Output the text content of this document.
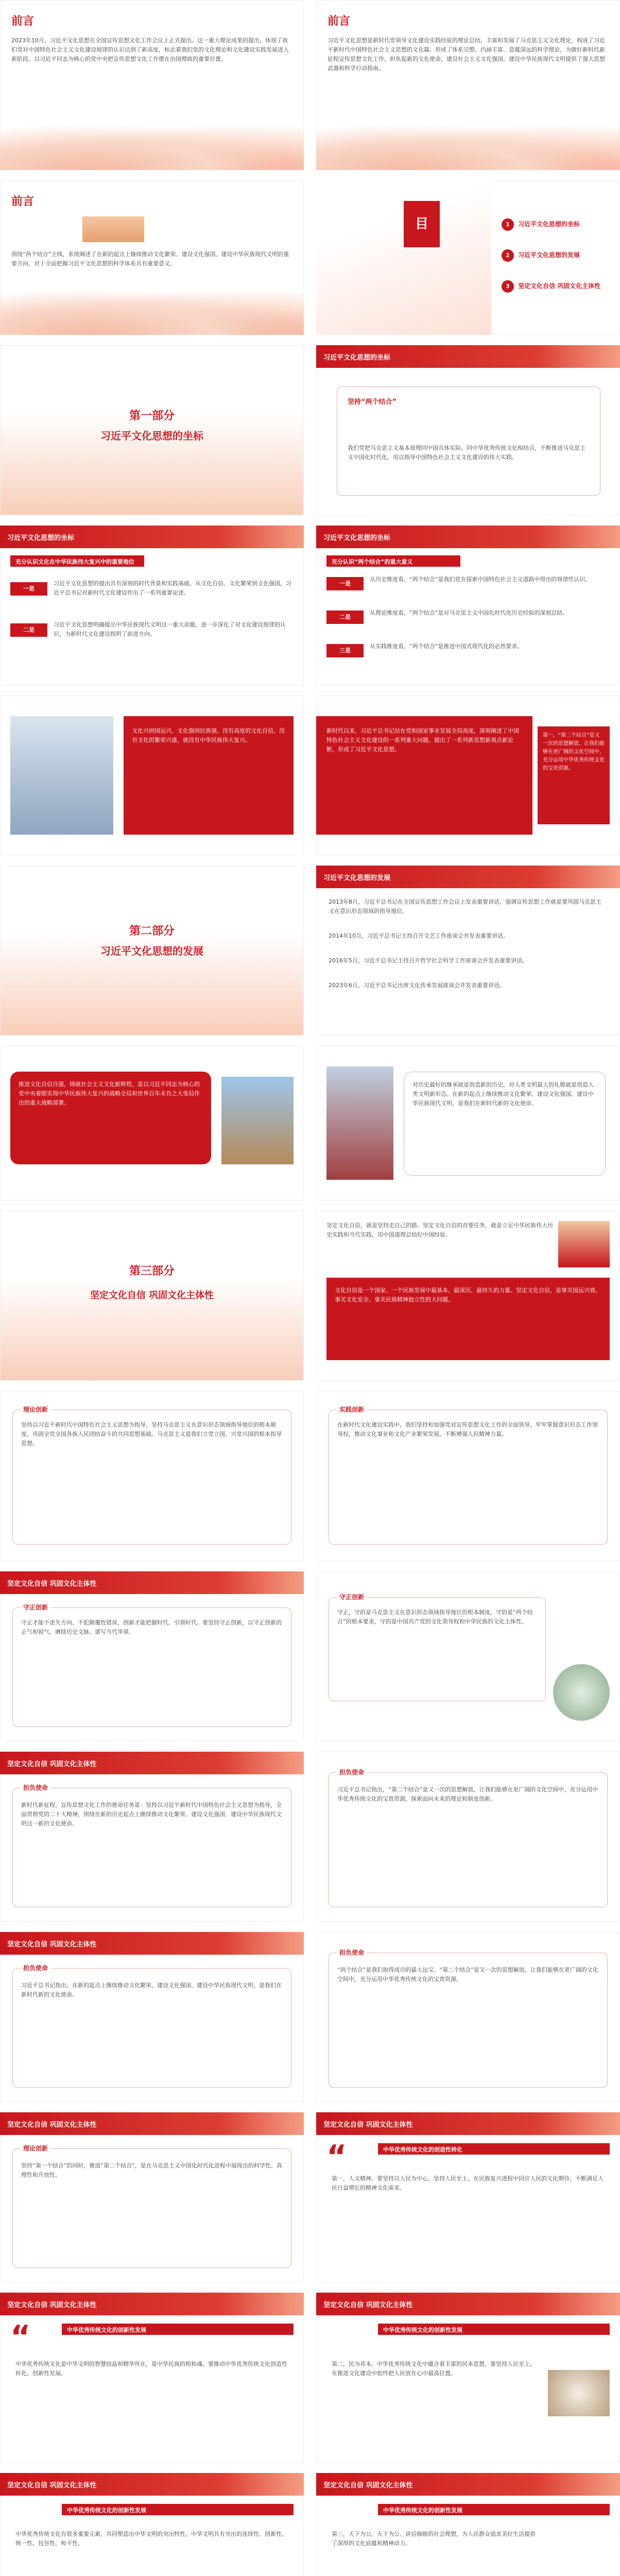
前言
2023年10月，习近平文化思想在全国宣传思想文化工作会议上正式提出。这一重大理论成果的提出，体现了我们党对中国特色社会主义文化建设规律的认识达到了新高度，标志着我们党的文化理论和文化建设实践发展进入新阶段。以习近平同志为核心的党中央把宣传思想文化工作摆在治国理政的重要位置。
前言
习近平文化思想是新时代党领导文化建设实践经验的理论总结，丰富和发展了马克思主义文化理论，构成了习近平新时代中国特色社会主义思想的文化篇，形成了体系完整、内涵丰富、意蕴深远的科学理论，为做好新时代新征程宣传思想文化工作，担负起新的文化使命，建设社会主义文化强国、建设中华民族现代文明提供了强大思想武器和科学行动指南。
前言
围绕“两个结合”主线，系统阐述了在新的起点上继续推动文化繁荣、建设文化强国、建设中华民族现代文明的重要方向，对于全面把握习近平文化思想的科学体系具有重要意义。
目	1 习近平文化思想的坐标
2 习近平文化思想的发展
3 坚定文化自信 巩固文化主体性
第一部分
习近平文化思想的坐标
习近平文化思想的坐标
坚持“两个结合”
我们党把马克思主义基本原理同中国具体实际、同中华优秀传统文化相结合，不断推进马克思主义中国化时代化，用以指导中国特色社会主义文化建设的伟大实践。
习近平文化思想的坐标
充分认识文化在中华民族伟大复兴中的重要地位
一是
习近平文化思想的提出具有深刻的时代背景和实践基础，从文化自信、文化繁荣到文化强国，习近平总书记对新时代文化建设作出了一系列重要论述。
二是
习近平文化思想明确提出中华民族现代文明这一重大命题，进一步深化了对文化建设规律的认识，为新时代文化建设指明了前进方向。
习近平文化思想的坐标
充分认识“两个结合”的重大意义
一是
从历史维度看，“两个结合”是我们党在探索中国特色社会主义道路中得出的规律性认识。
二是
从理论维度看，“两个结合”是对马克思主义中国化时代化历史经验的深刻总结。
三是
从实践维度看，“两个结合”是推进中国式现代化的必然要求。
文化兴则国运兴，文化强则民族强。没有高度的文化自信，没有文化的繁荣兴盛，就没有中华民族伟大复兴。
新时代以来，习近平总书记站在党和国家事业发展全局高度，深刻阐述了中国特色社会主义文化建设的一系列重大问题，提出了一系列新思想新观点新论断，形成了习近平文化思想。
第一，“第二个结合”是又一次的思想解放，让我们能够在更广阔的文化空间中，充分运用中华优秀传统文化的宝贵资源。
第二部分
习近平文化思想的发展
习近平文化思想的发展
2013年8月，习近平总书记在全国宣传思想工作会议上发表重要讲话，强调宣传思想工作就是要巩固马克思主义在意识形态领域的指导地位。
2014年10月，习近平总书记主持召开文艺工作座谈会并发表重要讲话。
2016年5月，习近平总书记主持召开哲学社会科学工作座谈会并发表重要讲话。
2023年6月，习近平总书记出席文化传承发展座谈会并发表重要讲话。
推进文化自信自强，铸就社会主义文化新辉煌，是以习近平同志为核心的党中央着眼实现中华民族伟大复兴的战略全局和世界百年未有之大变局作出的重大战略部署。
对历史最好的继承就是创造新的历史，对人类文明最大的礼敬就是创造人类文明新形态。在新的起点上继续推动文化繁荣、建设文化强国、建设中华民族现代文明，是我们在新时代新的文化使命。
第三部分
坚定文化自信 巩固文化主体性
坚定文化自信，就是坚持走自己的路。坚定文化自信的首要任务，就是立足中华民族伟大历史实践和当代实践，用中国道理总结好中国经验。
文化自信是一个国家、一个民族发展中最基本、最深沉、最持久的力量。坚定文化自信，是事关国运兴衰、事关文化安全、事关民族精神独立性的大问题。
理论创新
坚持以习近平新时代中国特色社会主义思想为指导，坚持马克思主义在意识形态领域指导地位的根本制度，巩固全党全国各族人民团结奋斗的共同思想基础。马克思主义是我们立党立国、兴党兴国的根本指导思想。
实践创新
在新时代文化建设实践中，我们坚持和加强党对宣传思想文化工作的全面领导，牢牢掌握意识形态工作领导权，推动文化事业和文化产业繁荣发展，不断增强人民精神力量。
坚定文化自信 巩固文化主体性
守正创新
守正才能不迷失方向、不犯颠覆性错误，创新才能把握时代、引领时代。要坚持守正创新，以守正创新的正气和锐气，赓续历史文脉、谱写当代华章。
守正创新
守正，守的是马克思主义在意识形态领域指导地位的根本制度，守的是“两个结合”的根本要求，守的是中国共产党的文化领导权和中华民族的文化主体性。
坚定文化自信 巩固文化主体性
担负使命
新时代新征程，宣传思想文化工作的使命任务是：坚持以习近平新时代中国特色社会主义思想为指导，全面贯彻党的二十大精神，围绕在新的历史起点上继续推动文化繁荣、建设文化强国、建设中华民族现代文明这一新的文化使命。
担负使命
习近平总书记指出，“第二个结合”是又一次的思想解放，让我们能够在更广阔的文化空间中，充分运用中华优秀传统文化的宝贵资源，探索面向未来的理论和制度创新。
坚定文化自信 巩固文化主体性
担负使命
习近平总书记指出，在新的起点上继续推动文化繁荣、建设文化强国、建设中华民族现代文明，是我们在新时代新的文化使命。
担负使命
“两个结合”是我们取得成功的最大法宝。“第二个结合”是又一次的思想解放，让我们能够在更广阔的文化空间中，充分运用中华优秀传统文化的宝贵资源。
坚定文化自信 巩固文化主体性
理论创新
坚持“第一个结合”的同时，推进“第二个结合”，是在马克思主义中国化时代化进程中展现出的科学性、真理性和开放性。
坚定文化自信 巩固文化主体性
中华优秀传统文化的创造性转化
“
第一，人文精神。要坚持以人民为中心，坚持人民至上，在民族复兴进程中回应人民的文化期待，不断满足人民日益增长的精神文化需求。
坚定文化自信 巩固文化主体性
“	中华优秀传统文化的创新性发展
中华优秀传统文化是中华文明的智慧结晶和精华所在，是中华民族的根和魂。要推动中华优秀传统文化创造性转化、创新性发展。
坚定文化自信 巩固文化主体性
中华优秀传统文化的创新性发展
第二，民为邦本。中华优秀传统文化中蕴含着丰富的民本思想，要坚持人民至上，在推进文化建设中始终把人民放在心中最高位置。
坚定文化自信 巩固文化主体性
中华优秀传统文化的创新性发展
中华优秀传统文化有很多重要元素，共同塑造出中华文明的突出特性。中华文明具有突出的连续性、创新性、统一性、包容性、和平性。
坚定文化自信 巩固文化主体性
中华优秀传统文化的创新性发展
第三，天下为公。天下为公、讲信修睦的社会理想，为人民群众追求美好生活提供了深厚的文化底蕴和精神动力。
